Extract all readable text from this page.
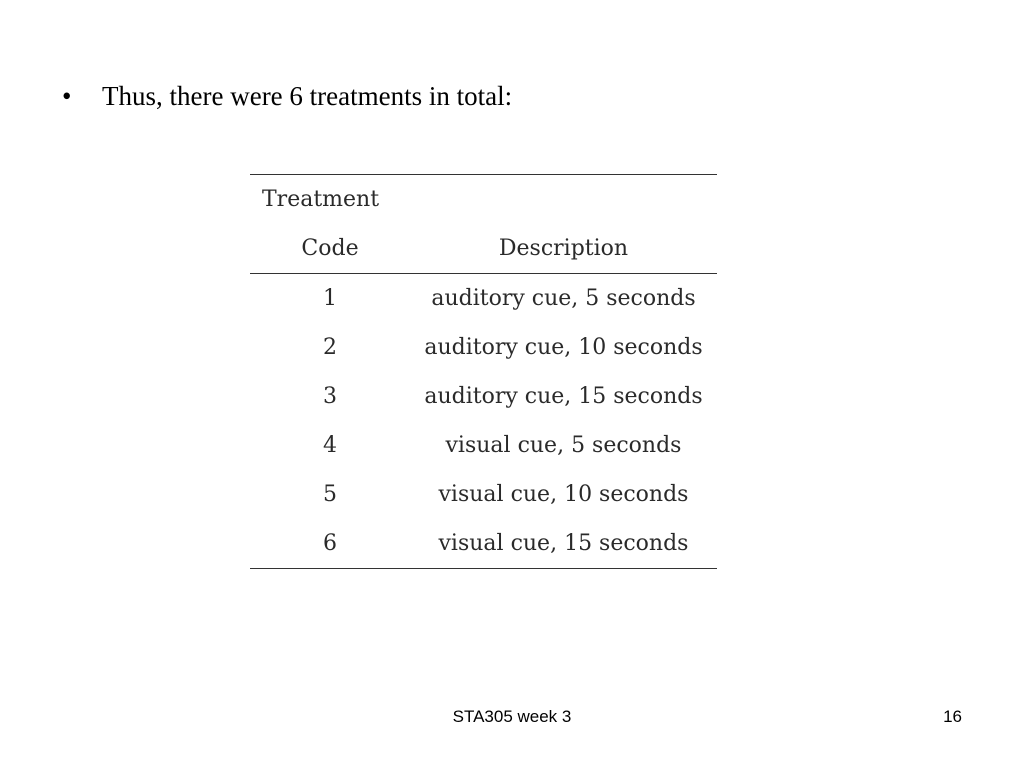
• Thus, there were 6 treatments in total:
Treatment	
Code	Description
1	auditory cue, 5 seconds
2	auditory cue, 10 seconds
3	auditory cue, 15 seconds
4	visual cue, 5 seconds
5	visual cue, 10 seconds
6	visual cue, 15 seconds
STA305 week 3	16
